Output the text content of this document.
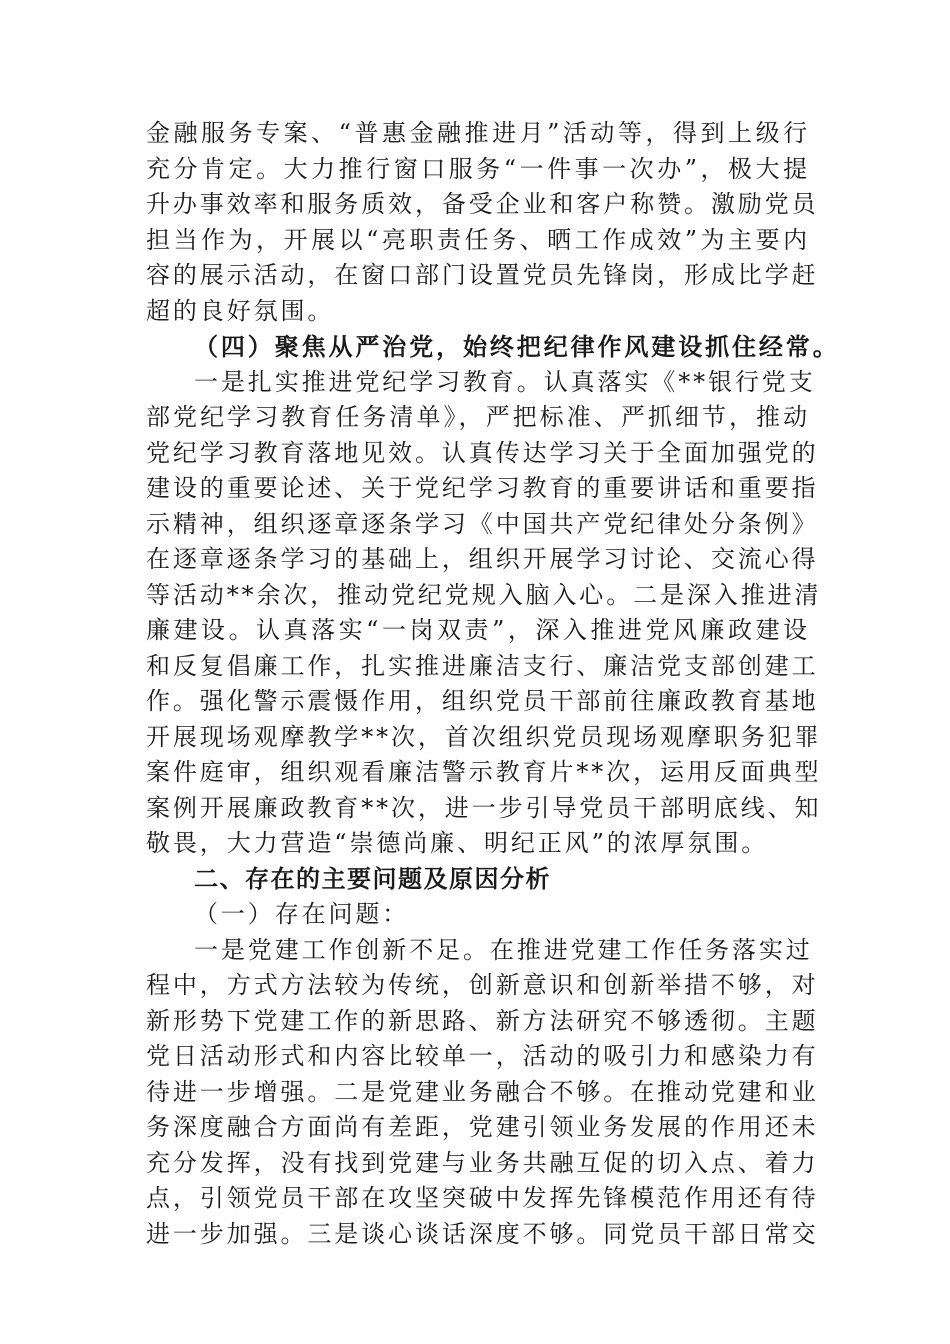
金融服务专案、“普惠金融推进月”活动等，得到上级行
充分肯定。大力推行窗口服务“一件事一次办”，极大提
升办事效率和服务质效，备受企业和客户称赞。激励党员
担当作为，开展以“亮职责任务、晒工作成效”为主要内
容的展示活动，在窗口部门设置党员先锋岗，形成比学赶
超的良好氛围。
（四）聚焦从严治党，始终把纪律作风建设抓住经常。
一是扎实推进党纪学习教育。认真落实《**银行党支
部党纪学习教育任务清单》，严把标准、严抓细节，推动
党纪学习教育落地见效。认真传达学习关于全面加强党的
建设的重要论述、关于党纪学习教育的重要讲话和重要指
示精神，组织逐章逐条学习《中国共产党纪律处分条例》
在逐章逐条学习的基础上，组织开展学习讨论、交流心得
等活动**余次，推动党纪党规入脑入心。二是深入推进清
廉建设。认真落实“一岗双责”，深入推进党风廉政建设
和反复倡廉工作，扎实推进廉洁支行、廉洁党支部创建工
作。强化警示震慑作用，组织党员干部前往廉政教育基地
开展现场观摩教学**次，首次组织党员现场观摩职务犯罪
案件庭审，组织观看廉洁警示教育片**次，运用反面典型
案例开展廉政教育**次，进一步引导党员干部明底线、知
敬畏，大力营造“崇德尚廉、明纪正风”的浓厚氛围。
二、存在的主要问题及原因分析
（一）存在问题：
一是党建工作创新不足。在推进党建工作任务落实过
程中，方式方法较为传统，创新意识和创新举措不够，对
新形势下党建工作的新思路、新方法研究不够透彻。主题
党日活动形式和内容比较单一，活动的吸引力和感染力有
待进一步增强。二是党建业务融合不够。在推动党建和业
务深度融合方面尚有差距，党建引领业务发展的作用还未
充分发挥，没有找到党建与业务共融互促的切入点、着力
点，引领党员干部在攻坚突破中发挥先锋模范作用还有待
进一步加强。三是谈心谈话深度不够。同党员干部日常交
